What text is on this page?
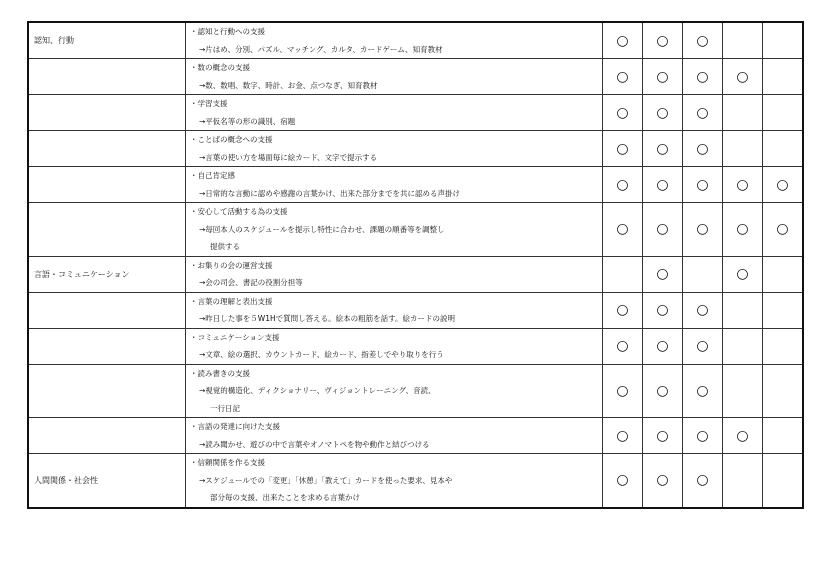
認知、行動	・認知と行動への支援
→片はめ、分別、パズル、マッチング、カルタ、カードゲーム、知育教材	○	○	○		

	・数の概念の支援
→数、数唱、数字、時計、お金、点つなぎ、知育教材	○	○	○	○	

	・学習支援
→平仮名等の形の識別、宿題	○	○	○		

	・ことばの概念への支援
→言葉の使い方を場面毎に絵カード、文字で提示する	○	○	○		

	・自己肯定感
→日常的な言動に認めや感謝の言葉かけ、出来た部分までを共に認める声掛け	○	○	○	○	○

	・安心して活動する為の支援
→毎回本人のスケジュールを提示し特性に合わせ、課題の順番等を調整し
提供する	○	○	○	○	○
言語・コミュニケーション	・お集りの会の運営支援
→会の司会、書記の役割分担等		○		○	

	・言葉の理解と表出支援
→昨日した事を５W1Hで質問し答える。絵本の粗筋を話す。絵カードの説明	○	○	○		

	・コミュニケーション支援
→文章、絵の選択、カウントカード、絵カード、指差しでやり取りを行う	○	○	○		

	・読み書きの支援
→視覚的構造化、ディクショナリー、ヴィジョントレーニング、音読、
一行日記	○	○	○		

	・言語の発達に向けた支援
→読み聞かせ、遊びの中で言葉やオノマトペを物や動作と結びつける	○	○	○	○	
人間関係・社会性	・信頼関係を作る支援
→スケジュールでの「変更」「休憩」「教えて」カードを使った要求、見本や
部分毎の支援、出来たことを求める言葉かけ	○	○	○		
